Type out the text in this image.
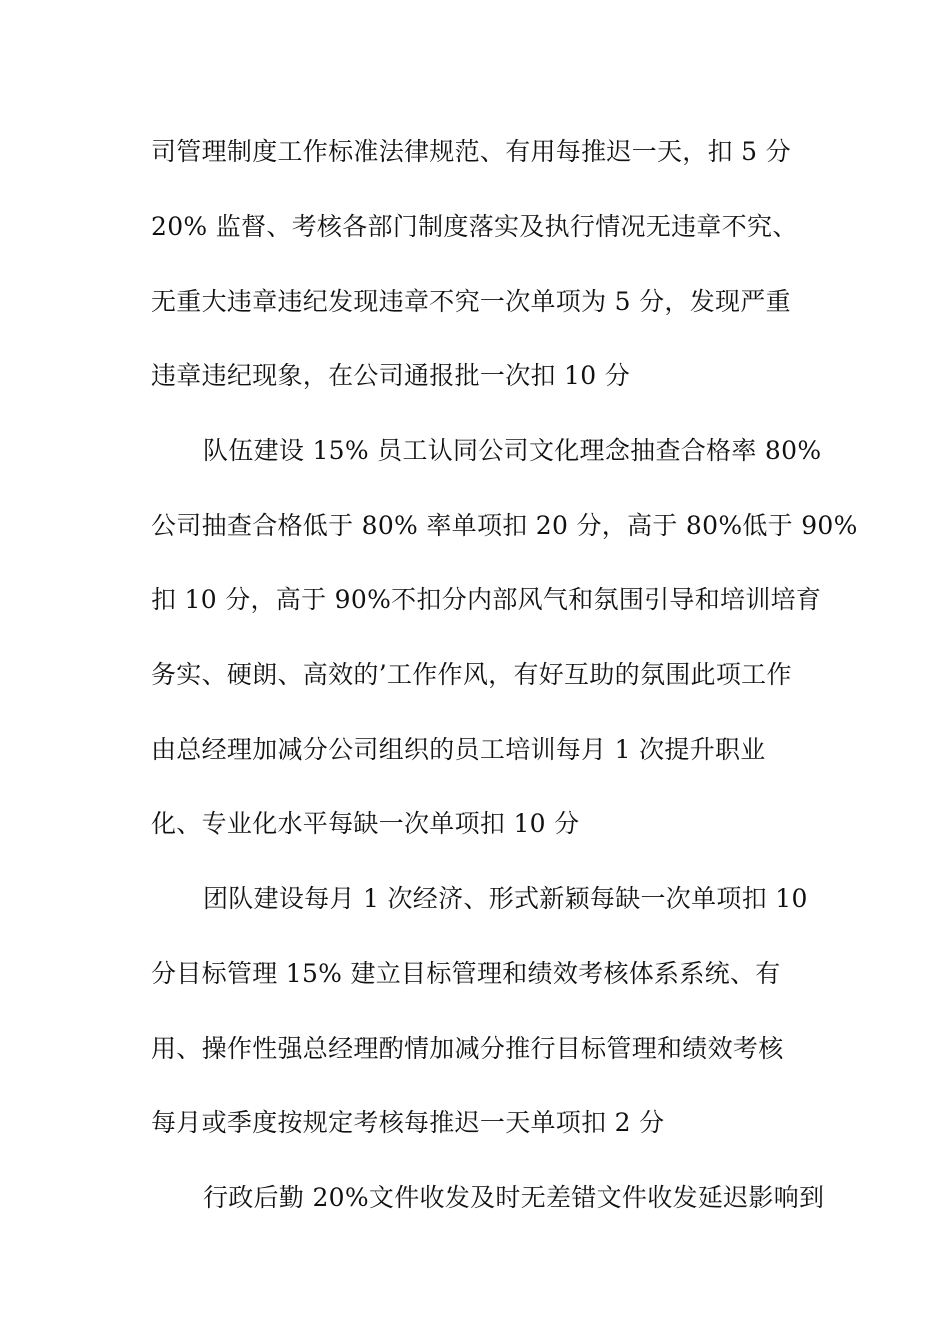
司管理制度工作标准法律规范、有用每推迟一天，扣 5 分
20% 监督、考核各部门制度落实及执行情况无违章不究、
无重大违章违纪发现违章不究一次单项为 5 分，发现严重
违章违纪现象，在公司通报批一次扣 10 分
队伍建设 15% 员工认同公司文化理念抽查合格率 80%
公司抽查合格低于 80% 率单项扣 20 分，高于 80%低于 90%
扣 10 分，高于 90%不扣分内部风气和氛围引导和培训培育
务实、硬朗、高效的’工作作风，有好互助的氛围此项工作
由总经理加减分公司组织的员工培训每月 1 次提升职业
化、专业化水平每缺一次单项扣 10 分
团队建设每月 1 次经济、形式新颖每缺一次单项扣 10
分目标管理 15% 建立目标管理和绩效考核体系系统、有
用、操作性强总经理酌情加减分推行目标管理和绩效考核
每月或季度按规定考核每推迟一天单项扣 2 分
行政后勤 20%文件收发及时无差错文件收发延迟影响到
